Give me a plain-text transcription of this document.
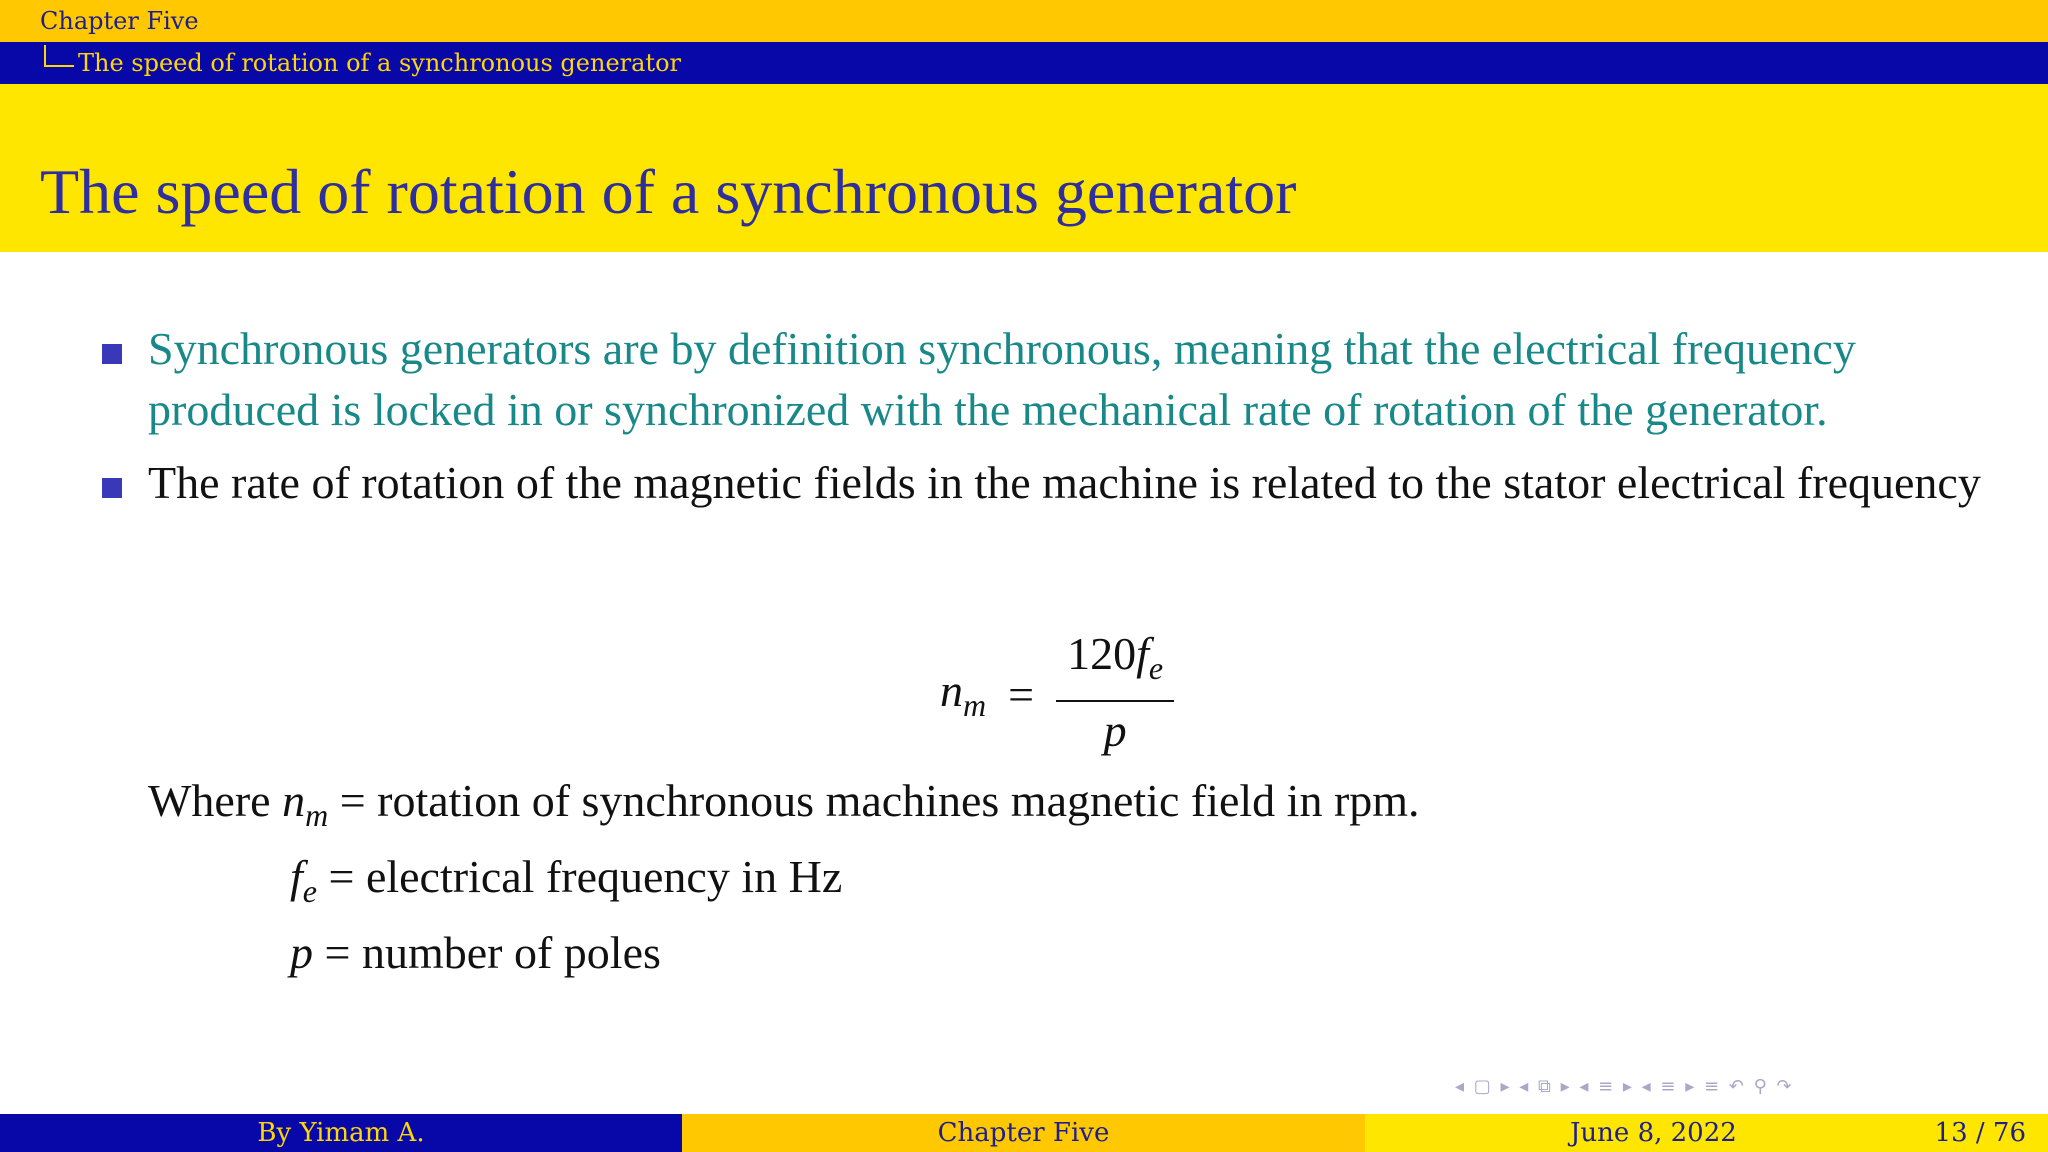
Chapter Five
The speed of rotation of a synchronous generator
The speed of rotation of a synchronous generator
Synchronous generators are by definition synchronous, meaning that the electrical frequency produced is locked in or synchronized with the mechanical rate of rotation of the generator.
The rate of rotation of the magnetic fields in the machine is related to the stator electrical frequency
$n_m = \frac{120f_e}{p}$
Where $n_m$ = rotation of synchronous machines magnetic field in rpm.
$f_e$ = electrical frequency in Hz
p = number of poles
◂ ▢ ▸ ◂ ⧉ ▸ ◂ ≡ ▸ ◂ ≡ ▸ ≡ ↶ ⚲ ↷
By Yimam A.	Chapter Five	June 8, 2022	13 / 76
